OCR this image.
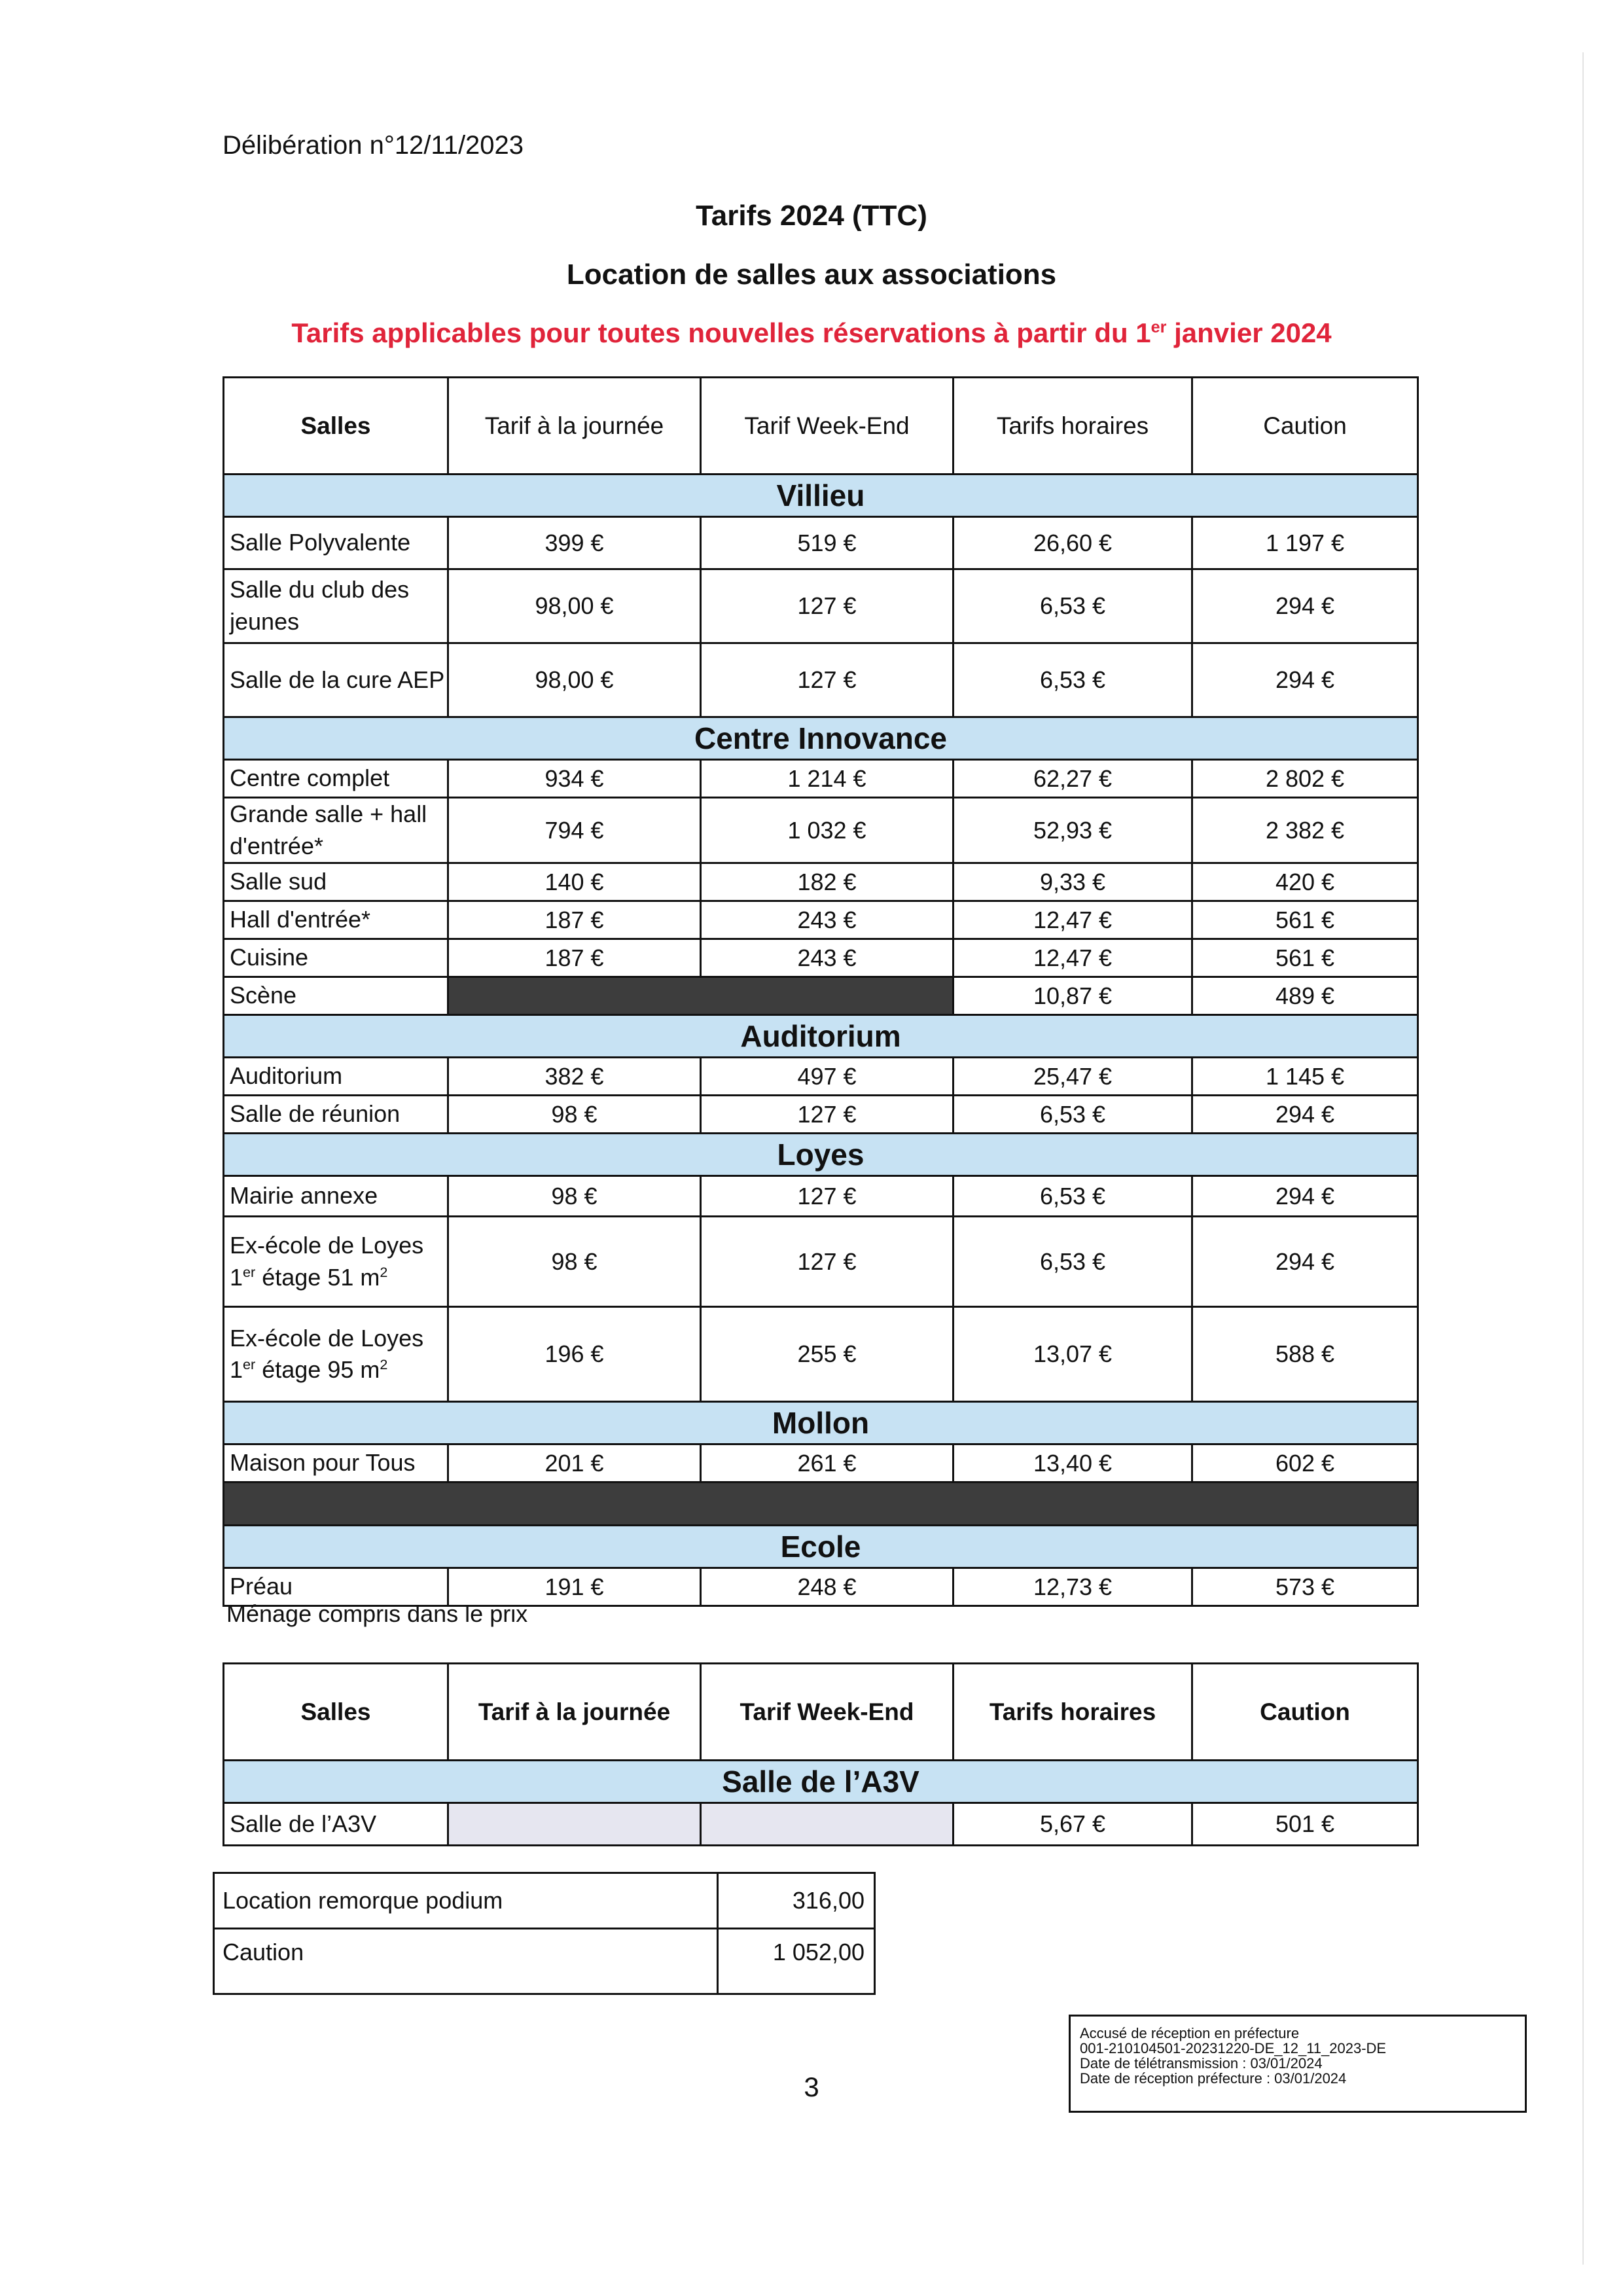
Délibération n°12/11/2023
Tarifs 2024 (TTC)
Location de salles aux associations
Tarifs applicables pour toutes nouvelles réservations à partir du 1er janvier 2024
Salles	Tarif à la journée	Tarif Week-End	Tarifs horaires	Caution
Villieu				
Salle Polyvalente	399 €	519 €	26,60 €	1 197 €
Salle du club des jeunes	98,00 €	127 €	6,53 €	294 €
Salle de la cure AEP	98,00 €	127 €	6,53 €	294 €
Centre Innovance				
Centre complet	934 €	1 214 €	62,27 €	2 802 €
Grande salle + hall d'entrée*	794 €	1 032 €	52,93 €	2 382 €
Salle sud	140 €	182 €	9,33 €	420 €
Hall d'entrée*	187 €	243 €	12,47 €	561 €
Cuisine	187 €	243 €	12,47 €	561 €
Scène			10,87 €	489 €
Auditorium				
Auditorium	382 €	497 €	25,47 €	1 145 €
Salle de réunion	98 €	127 €	6,53 €	294 €
Loyes				
Mairie annexe	98 €	127 €	6,53 €	294 €
Ex-école de Loyes
1er étage 51 $m^2$	98 €	127 €	6,53 €	294 €
Ex-école de Loyes
1er étage 95 $m^2$	196 €	255 €	13,07 €	588 €
Mollon				
Maison pour Tous	201 €	261 €	13,40 €	602 €

Ecole				
Préau	191 €	248 €	12,73 €	573 €
Ménage compris dans le prix
Salles	Tarif à la journée	Tarif Week-End	Tarifs horaires	Caution
Salle de l’A3V				
Salle de l’A3V			5,67 €	501 €
Location remorque podium	316,00
Caution	1 052,00
3
Accusé de réception en préfecture
001-210104501-20231220-DE_12_11_2023-DE
Date de télétransmission : 03/01/2024
Date de réception préfecture : 03/01/2024
